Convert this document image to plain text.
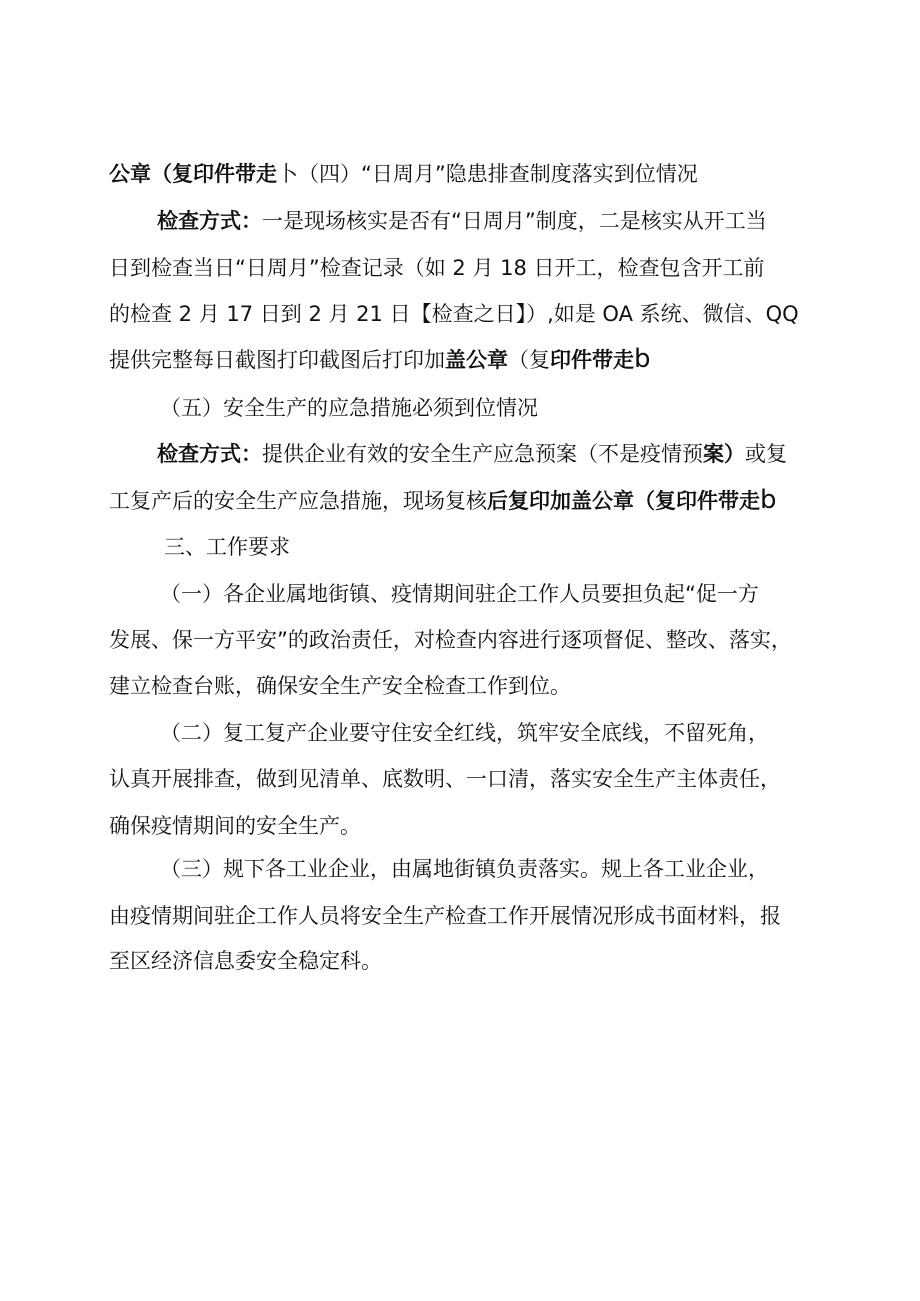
公章（复印件带走卜（四）“日周月”隐患排查制度落实到位情况
检查方式：一是现场核实是否有“日周月”制度，二是核实从开工当
日到检查当日“日周月”检查记录（如 2 月 18 日开工，检查包含开工前
的检查 2 月 17 日到 2 月 21 日【检查之日】）,如是 OA 系统、微信、QQ
提供完整每日截图打印截图后打印加盖公章（复印件带走b
（五）安全生产的应急措施必须到位情况
检查方式：提供企业有效的安全生产应急预案（不是疫情预案）或复
工复产后的安全生产应急措施，现场复核后复印加盖公章（复印件带走b
三、工作要求
（一）各企业属地街镇、疫情期间驻企工作人员要担负起“促一方
发展、保一方平安”的政治责任，对检查内容进行逐项督促、整改、落实，
建立检查台账，确保安全生产安全检查工作到位。
（二）复工复产企业要守住安全红线，筑牢安全底线，不留死角，
认真开展排查，做到见清单、底数明、一口清，落实安全生产主体责任，
确保疫情期间的安全生产。
（三）规下各工业企业，由属地街镇负责落实。规上各工业企业，
由疫情期间驻企工作人员将安全生产检查工作开展情况形成书面材料，报
至区经济信息委安全稳定科。
